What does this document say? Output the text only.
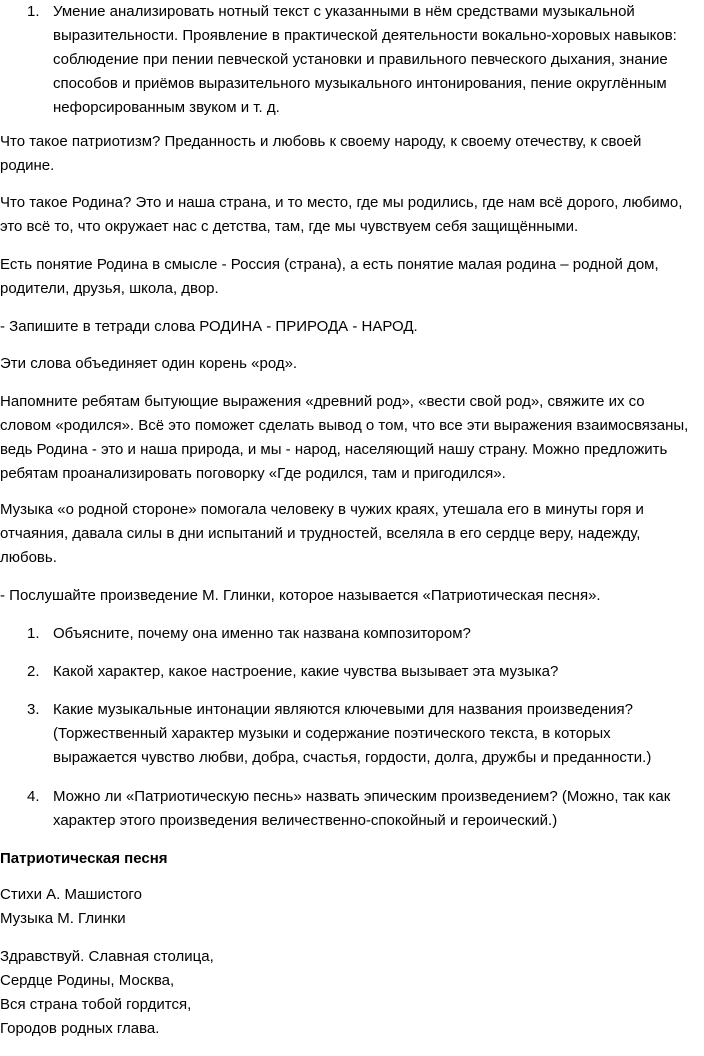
1. Умение анализировать нотный текст с указанными в нём средствами музыкальной

выразительности. Проявление в практической деятельности вокально-хоровых навыков:

соблюдение при пении певческой установки и правильного певческого дыхания, знание

способов и приёмов выразительного музыкального интонирования, пение округлённым

нефорсированным звуком и т. д.

Что такое патриотизм? Преданность и любовь к своему народу, к своему отечеству, к своей

родине.

Что такое Родина? Это и наша страна, и то место, где мы родились, где нам всё дорого, любимо,

это всё то, что окружает нас с детства, там, где мы чувствуем себя защищёнными.

Есть понятие Родина в смысле - Россия (страна), а есть понятие малая родина – родной дом,

родители, друзья, школа, двор.

- Запишите в тетради слова РОДИНА - ПРИРОДА - НАРОД.

Эти слова объединяет один корень «род».

Напомните ребятам бытующие выражения «древний род», «вести свой род», свяжите их со

словом «родился». Всё это поможет сделать вывод о том, что все эти выражения взаимосвязаны,

ведь Родина - это и наша природа, и мы - народ, населяющий нашу страну. Можно предложить

ребятам проанализировать поговорку «Где родился, там и пригодился».

Музыка «о родной стороне» помогала человеку в чужих краях, утешала его в минуты горя и

отчаяния, давала силы в дни испытаний и трудностей, вселяла в его сердце веру, надежду,

любовь.

- Послушайте произведение М. Глинки, которое называется «Патриотическая песня».

1. Объясните, почему она именно так названа композитором?

2. Какой характер, какое настроение, какие чувства вызывает эта музыка?

3. Какие музыкальные интонации являются ключевыми для названия произведения?

(Торжественный характер музыки и содержание поэтического текста, в которых

выражается чувство любви, добра, счастья, гордости, долга, дружбы и преданности.)

4. Можно ли «Патриотическую песнь» назвать эпическим произведением? (Можно, так как

характер этого произведения величественно-спокойный и героический.)

Патриотическая песня

Стихи А. Машистого

Музыка М. Глинки

Здравствуй. Славная столица,

Сердце Родины, Москва,

Вся страна тобой гордится,

Городов родных глава.
